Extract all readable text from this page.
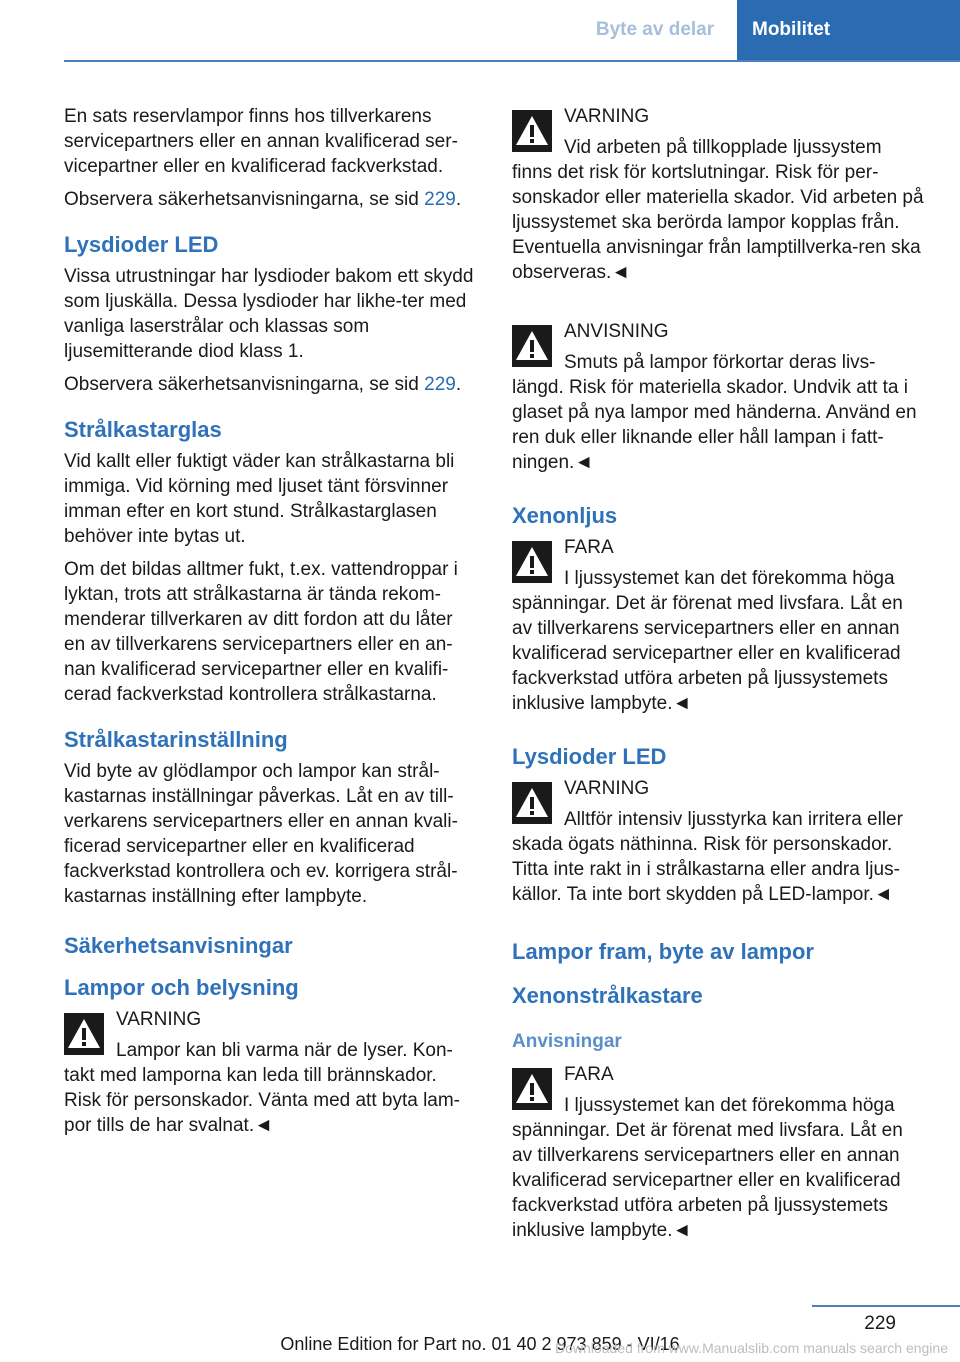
Byte av delar	Mobilitet

En sats reservlampor finns hos tillverkarens servicepartners eller en annan kvalificerad ser-vicepartner eller en kvalificerad fackverkstad.

Observera säkerhetsanvisningarna, se sid 229.

Lysdioder LED

Vissa utrustningar har lysdioder bakom ett skydd som ljuskälla. Dessa lysdioder har likhe-ter med vanliga laserstrålar och klassas som ljusemitterande diod klass 1.

Observera säkerhetsanvisningarna, se sid 229.

Strålkastarglas

Vid kallt eller fuktigt väder kan strålkastarna bli immiga. Vid körning med ljuset tänt försvinner imman efter en kort stund. Strålkastarglasen behöver inte bytas ut.

Om det bildas alltmer fukt, t.ex. vattendroppar i lyktan, trots att strålkastarna är tända rekom-menderar tillverkaren av ditt fordon att du låter en av tillverkarens servicepartners eller en an-nan kvalificerad servicepartner eller en kvalifi-cerad fackverkstad kontrollera strålkastarna.

Strålkastarinställning

Vid byte av glödlampor och lampor kan strål-kastarnas inställningar påverkas. Låt en av till-verkarens servicepartners eller en annan kvali-ficerad servicepartner eller en kvalificerad fackverkstad kontrollera och ev. korrigera strål-kastarnas inställning efter lampbyte.

Säkerhetsanvisningar
Lampor och belysning

VARNING

Lampor kan bli varma när de lyser. Kon-takt med lamporna kan leda till brännskador. Risk för personskador. Vänta med att byta lam-por tills de har svalnat.◄

VARNING

Vid arbeten på tillkopplade ljussystem finns det risk för kortslutningar. Risk för per-sonskador eller materiella skador. Vid arbeten på ljussystemet ska berörda lampor kopplas från. Eventuella anvisningar från lamptillverka-ren ska observeras.◄

ANVISNING

Smuts på lampor förkortar deras livs-längd. Risk för materiella skador. Undvik att ta i glaset på nya lampor med händerna. Använd en ren duk eller liknande eller håll lampan i fatt-ningen.◄

Xenonljus

FARA

I ljussystemet kan det förekomma höga spänningar. Det är förenat med livsfara. Låt en av tillverkarens servicepartners eller en annan kvalificerad servicepartner eller en kvalificerad fackverkstad utföra arbeten på ljussystemets inklusive lampbyte.◄

Lysdioder LED

VARNING

Alltför intensiv ljusstyrka kan irritera eller skada ögats näthinna. Risk för personskador. Titta inte rakt in i strålkastarna eller andra ljus-källor. Ta inte bort skydden på LED-lampor.◄

Lampor fram, byte av lampor
Xenonstrålkastare
Anvisningar

FARA

I ljussystemet kan det förekomma höga spänningar. Det är förenat med livsfara. Låt en av tillverkarens servicepartners eller en annan kvalificerad servicepartner eller en kvalificerad fackverkstad utföra arbeten på ljussystemets inklusive lampbyte.◄

229
Online Edition for Part no. 01 40 2 973 859 - VI/16
Downloaded from www.Manualslib.com manuals search engine
